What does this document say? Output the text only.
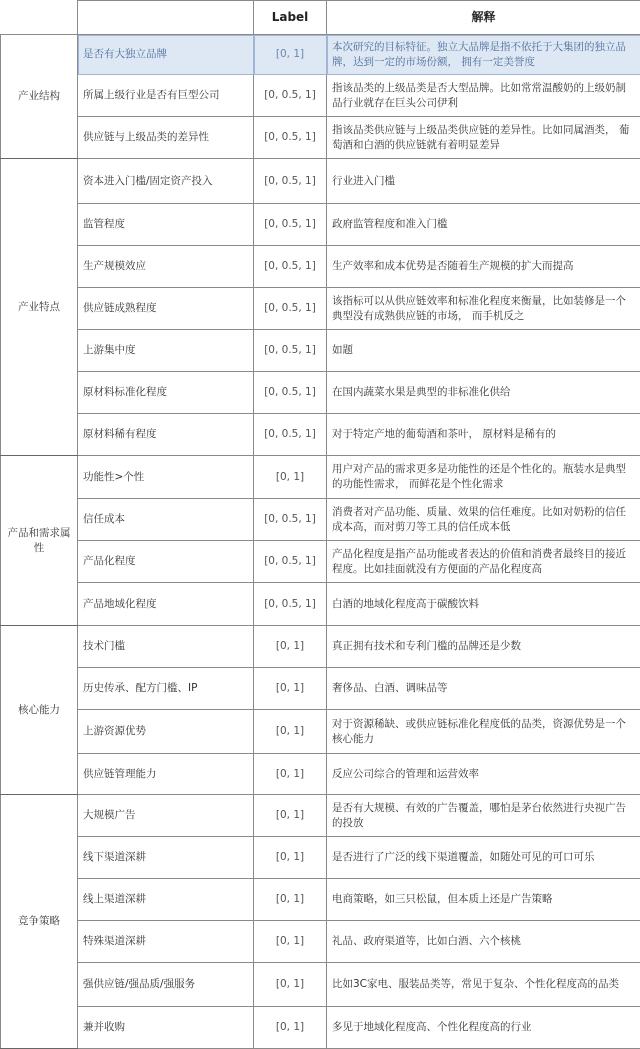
		Label	解释
产业结构	是否有大独立品牌	[0, 1]	本次研究的目标特征。独立大品牌是指不依托于大集团的独立品牌，达到一定的市场份额， 拥有一定美誉度
	所属上级行业是否有巨型公司	[0, 0.5, 1]	指该品类的上级品类是否大型品牌。比如常常温酸奶的上级奶制品行业就存在巨头公司伊利
	供应链与上级品类的差异性	[0, 0.5, 1]	指该品类供应链与上级品类供应链的差异性。比如同属酒类， 葡萄酒和白酒的供应链就有着明显差异
产业特点	资本进入门槛/固定资产投入	[0, 0.5, 1]	行业进入门槛
	监管程度	[0, 0.5, 1]	政府监管程度和准入门槛
	生产规模效应	[0, 0.5, 1]	生产效率和成本优势是否随着生产规模的扩大而提高
	供应链成熟程度	[0, 0.5, 1]	该指标可以从供应链效率和标准化程度来衡量，比如装修是一个典型没有成熟供应链的市场， 而手机反之
	上游集中度	[0, 0.5, 1]	如题
	原材料标准化程度	[0, 0.5, 1]	在国内蔬菜水果是典型的非标准化供给
	原材料稀有程度	[0, 0.5, 1]	对于特定产地的葡萄酒和茶叶， 原材料是稀有的
产品和需求属性	功能性>个性	[0, 1]	用户对产品的需求更多是功能性的还是个性化的。瓶装水是典型的功能性需求， 而鲜花是个性化需求
	信任成本	[0, 0.5, 1]	消费者对产品功能、质量、效果的信任难度。比如对奶粉的信任成本高，而对剪刀等工具的信任成本低
	产品化程度	[0, 0.5, 1]	产品化程度是指产品功能或者表达的价值和消费者最终目的接近程度。比如挂面就没有方便面的产品化程度高
	产品地域化程度	[0, 0.5, 1]	白酒的地域化程度高于碳酸饮料
核心能力	技术门槛	[0, 1]	真正拥有技术和专利门槛的品牌还是少数
	历史传承、配方门槛、IP	[0, 1]	奢侈品、白酒、调味品等
	上游资源优势	[0, 1]	对于资源稀缺、或供应链标准化程度低的品类，资源优势是一个核心能力
	供应链管理能力	[0, 1]	反应公司综合的管理和运营效率
竞争策略	大规模广告	[0, 1]	是否有大规模、有效的广告覆盖，哪怕是茅台依然进行央视广告的投放
	线下渠道深耕	[0, 1]	是否进行了广泛的线下渠道覆盖，如随处可见的可口可乐
	线上渠道深耕	[0, 1]	电商策略，如三只松鼠，但本质上还是广告策略
	特殊渠道深耕	[0, 1]	礼品、政府渠道等，比如白酒、六个核桃
	强供应链/强品质/强服务	[0, 1]	比如3C家电、服装品类等，常见于复杂、个性化程度高的品类
	兼并收购	[0, 1]	多见于地域化程度高、个性化程度高的行业
